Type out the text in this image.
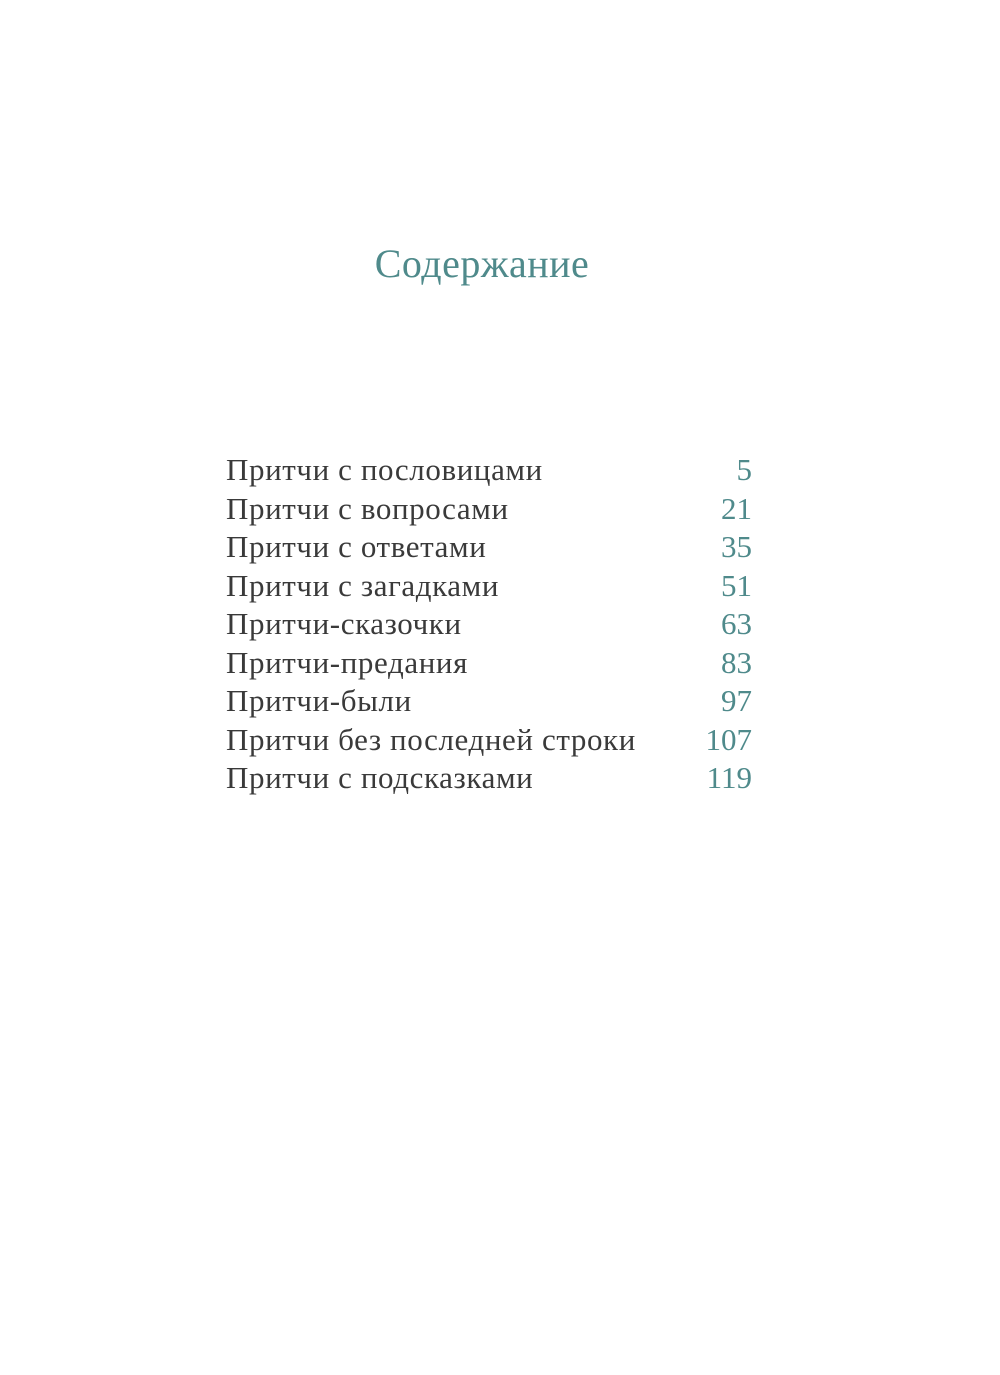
Содержание
Притчи с пословицами	5
Притчи с вопросами	21
Притчи с ответами	35
Притчи с загадками	51
Притчи-сказочки	63
Притчи-предания	83
Притчи-были	97
Притчи без последней строки 107
Притчи с подсказками	119
